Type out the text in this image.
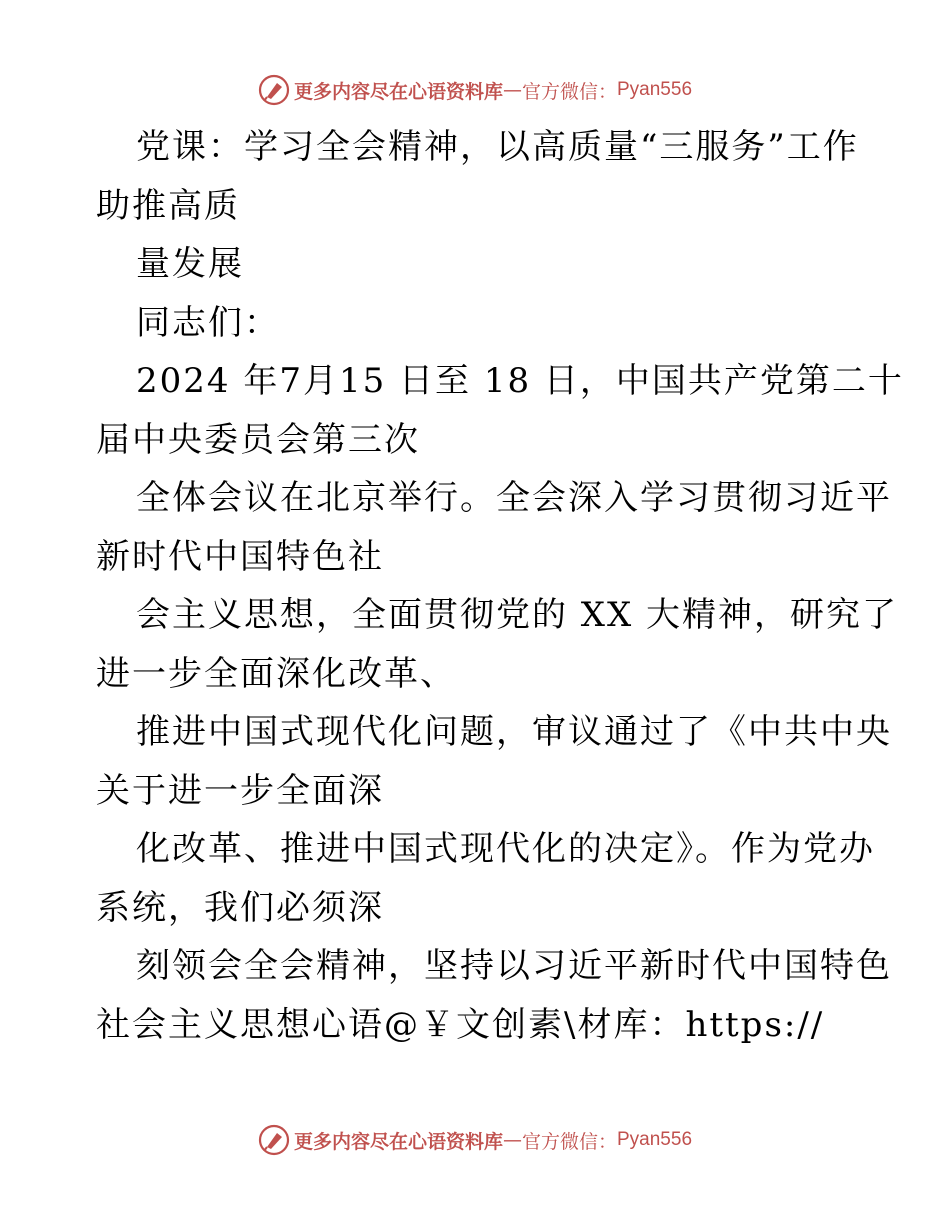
更多内容尽在心语资料库 — 官方微信： Pyan556

党课：学习全会精神，以高质量“三服务”工作
助推高质

量发展

同志们：

2024 年7月15 日至 18 日，中国共产党第二十
届中央委员会第三次

全体会议在北京举行。全会深入学习贯彻习近平
新时代中国特色社

会主义思想，全面贯彻党的 XX 大精神，研究了
进一步全面深化改革、

推进中国式现代化问题，审议通过了《中共中央
关于进一步全面深

化改革、推进中国式现代化的决定》。作为党办
系统，我们必须深

刻领会全会精神，坚持以习近平新时代中国特色
社会主义思想心语@￥文创素\材库：https://

更多内容尽在心语资料库 — 官方微信： Pyan556
